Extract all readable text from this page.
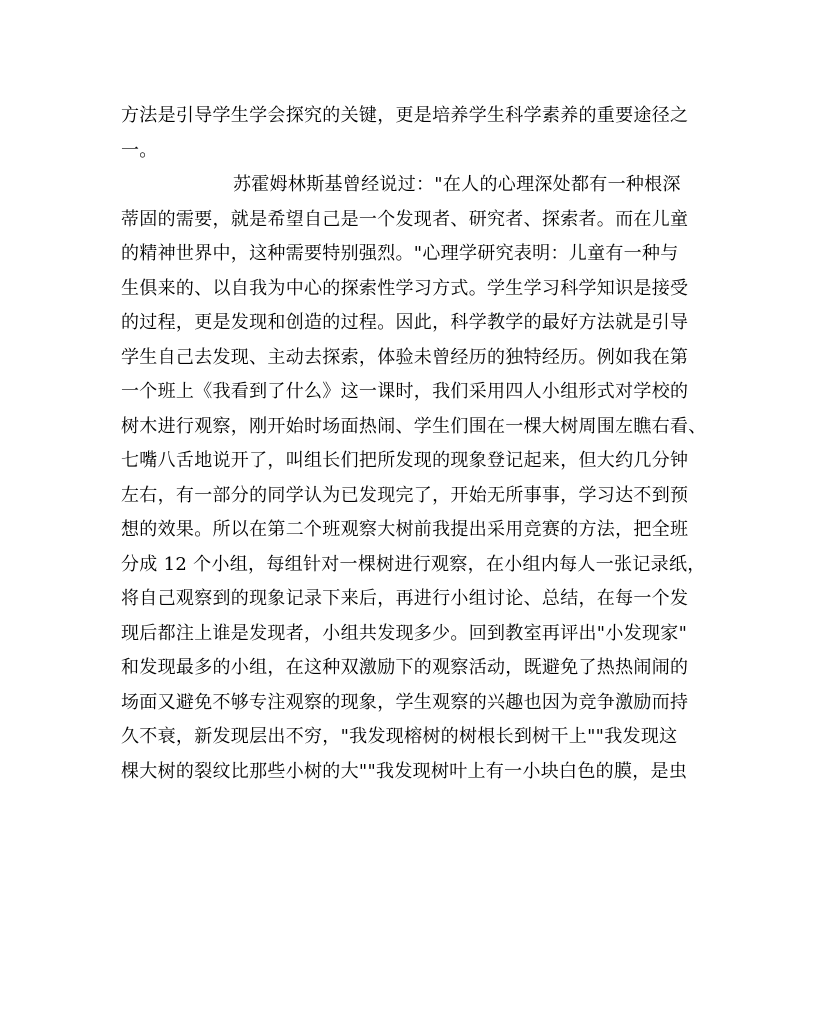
方法是引导学生学会探究的关键，更是培养学生科学素养的重要途径之
一。
苏霍姆林斯基曾经说过："在人的心理深处都有一种根深
蒂固的需要，就是希望自己是一个发现者、研究者、探索者。而在儿童
的精神世界中，这种需要特别强烈。"心理学研究表明：儿童有一种与
生俱来的、以自我为中心的探索性学习方式。学生学习科学知识是接受
的过程，更是发现和创造的过程。因此，科学教学的最好方法就是引导
学生自己去发现、主动去探索，体验未曾经历的独特经历。例如我在第
一个班上《我看到了什么》这一课时，我们采用四人小组形式对学校的
树木进行观察，刚开始时场面热闹、学生们围在一棵大树周围左瞧右看、
七嘴八舌地说开了，叫组长们把所发现的现象登记起来，但大约几分钟
左右，有一部分的同学认为已发现完了，开始无所事事，学习达不到预
想的效果。所以在第二个班观察大树前我提出采用竞赛的方法，把全班
分成 12 个小组，每组针对一棵树进行观察，在小组内每人一张记录纸，
将自己观察到的现象记录下来后，再进行小组讨论、总结，在每一个发
现后都注上谁是发现者，小组共发现多少。回到教室再评出"小发现家"
和发现最多的小组，在这种双激励下的观察活动，既避免了热热闹闹的
场面又避免不够专注观察的现象，学生观察的兴趣也因为竞争激励而持
久不衰，新发现层出不穷，"我发现榕树的树根长到树干上""我发现这
棵大树的裂纹比那些小树的大""我发现树叶上有一小块白色的膜，是虫
